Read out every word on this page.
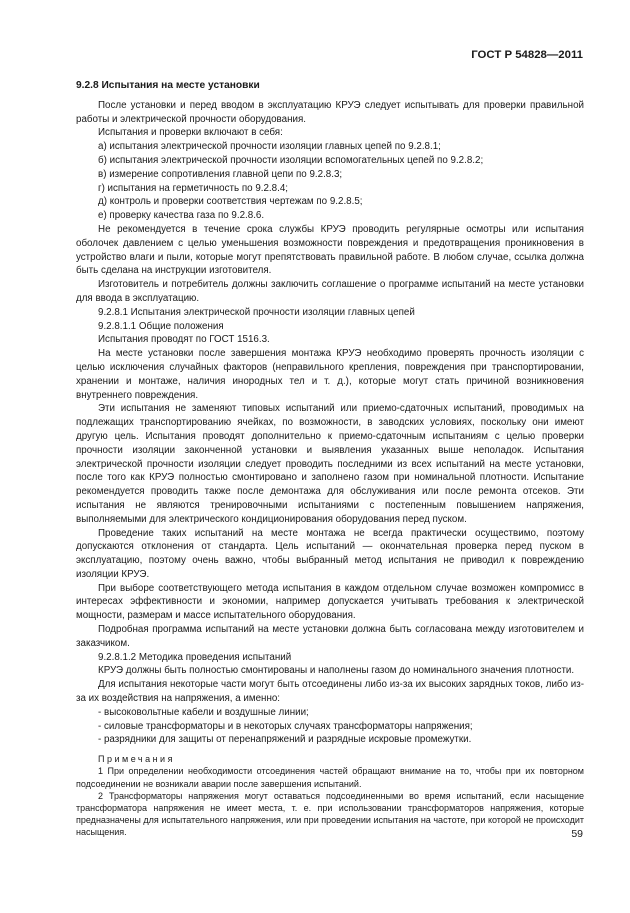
ГОСТ Р 54828—2011

9.2.8 Испытания на месте установки

После установки и перед вводом в эксплуатацию КРУЭ следует испытывать для проверки правильной работы и электрической прочности оборудования.

Испытания и проверки включают в себя:

а) испытания электрической прочности изоляции главных цепей по 9.2.8.1;

б) испытания электрической прочности изоляции вспомогательных цепей по 9.2.8.2;

в) измерение сопротивления главной цепи по 9.2.8.3;

г) испытания на герметичность по 9.2.8.4;

д) контроль и проверки соответствия чертежам по 9.2.8.5;

е) проверку качества газа по 9.2.8.6.

Не рекомендуется в течение срока службы КРУЭ проводить регулярные осмотры или испытания оболочек давлением с целью уменьшения возможности повреждения и предотвращения проникновения в устройство влаги и пыли, которые могут препятствовать правильной работе. В любом случае, ссылка должна быть сделана на инструкции изготовителя.

Изготовитель и потребитель должны заключить соглашение о программе испытаний на месте установки для ввода в эксплуатацию.

9.2.8.1 Испытания электрической прочности изоляции главных цепей

9.2.8.1.1 Общие положения

Испытания проводят по ГОСТ 1516.3.

На месте установки после завершения монтажа КРУЭ необходимо проверять прочность изоляции с целью исключения случайных факторов (неправильного крепления, повреждения при транспортировании, хранении и монтаже, наличия инородных тел и т. д.), которые могут стать причиной возникновения внутреннего повреждения.

Эти испытания не заменяют типовых испытаний или приемо-сдаточных испытаний, проводимых на подлежащих транспортированию ячейках, по возможности, в заводских условиях, поскольку они имеют другую цель. Испытания проводят дополнительно к приемо-сдаточным испытаниям с целью проверки прочности изоляции законченной установки и выявления указанных выше неполадок. Испытания электрической прочности изоляции следует проводить последними из всех испытаний на месте установки, после того как КРУЭ полностью смонтировано и заполнено газом при номинальной плотности. Испытание рекомендуется проводить также после демонтажа для обслуживания или после ремонта отсеков. Эти испытания не являются тренировочными испытаниями с постепенным повышением напряжения, выполняемыми для электрического кондиционирования оборудования перед пуском.

Проведение таких испытаний на месте монтажа не всегда практически осуществимо, поэтому допускаются отклонения от стандарта. Цель испытаний — окончательная проверка перед пуском в эксплуатацию, поэтому очень важно, чтобы выбранный метод испытания не приводил к повреждению изоляции КРУЭ.

При выборе соответствующего метода испытания в каждом отдельном случае возможен компромисс в интересах эффективности и экономии, например допускается учитывать требования к электрической мощности, размерам и массе испытательного оборудования.

Подробная программа испытаний на месте установки должна быть согласована между изготовителем и заказчиком.

9.2.8.1.2 Методика проведения испытаний

КРУЭ должны быть полностью смонтированы и наполнены газом до номинального значения плотности.

Для испытания некоторые части могут быть отсоединены либо из-за их высоких зарядных токов, либо из-за их воздействия на напряжения, а именно:

- высоковольтные кабели и воздушные линии;

- силовые трансформаторы и в некоторых случаях трансформаторы напряжения;

- разрядники для защиты от перенапряжений и разрядные искровые промежутки.

Примечания

1 При определении необходимости отсоединения частей обращают внимание на то, чтобы при их повторном подсоединении не возникали аварии после завершения испытаний.

2 Трансформаторы напряжения могут оставаться подсоединенными во время испытаний, если насыщение трансформатора напряжения не имеет места, т. е. при использовании трансформаторов напряжения, которые предназначены для испытательного напряжения, или при проведении испытания на частоте, при которой не происходит насыщения.	59
